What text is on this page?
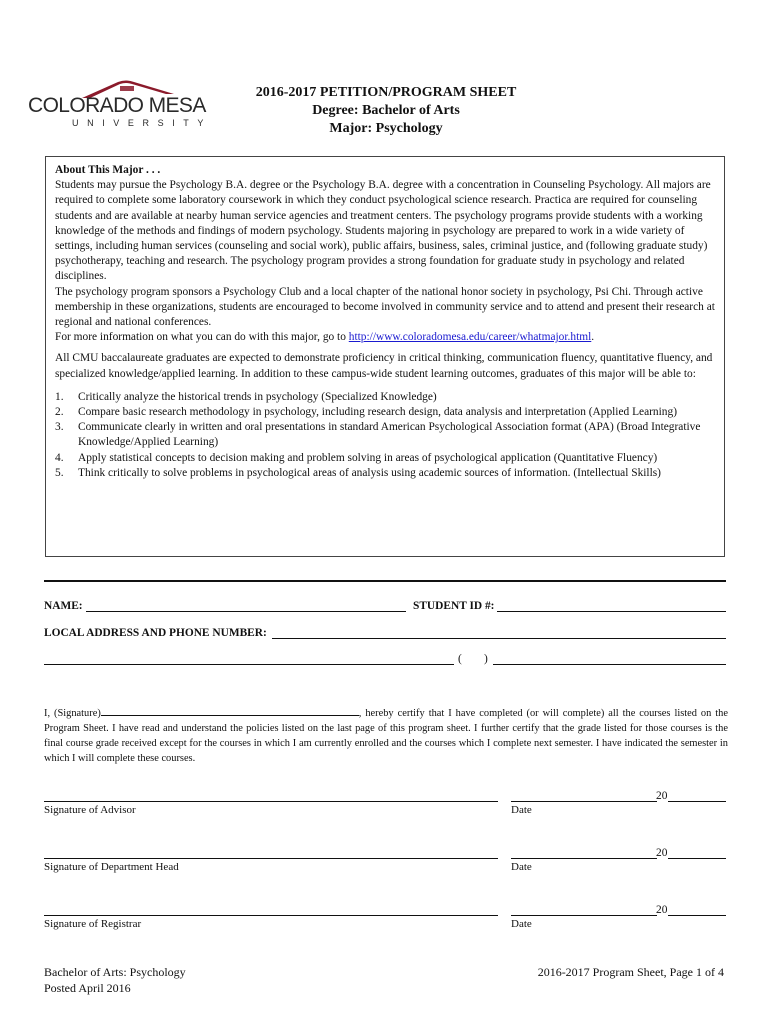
COLORADO MESA
UNIVERSITY
2016-2017 PETITION/PROGRAM SHEET
Degree: Bachelor of Arts
Major: Psychology

About This Major . . .

Students may pursue the Psychology B.A. degree or the Psychology B.A. degree with a concentration in Counseling Psychology. All majors are required to complete some laboratory coursework in which they conduct psychological science research. Practica are required for counseling students and are available at nearby human service agencies and treatment centers. The psychology programs provide students with a working knowledge of the methods and findings of modern psychology. Students majoring in psychology are prepared to work in a wide variety of settings, including human services (counseling and social work), public affairs, business, sales, criminal justice, and (following graduate study) psychotherapy, teaching and research. The psychology program provides a strong foundation for graduate study in psychology and related disciplines.

The psychology program sponsors a Psychology Club and a local chapter of the national honor society in psychology, Psi Chi. Through active membership in these organizations, students are encouraged to become involved in community service and to attend and present their research at regional and national conferences.

For more information on what you can do with this major, go to http://www.coloradomesa.edu/career/whatmajor.html.

All CMU baccalaureate graduates are expected to demonstrate proficiency in critical thinking, communication fluency, quantitative fluency, and specialized knowledge/applied learning. In addition to these campus-wide student learning outcomes, graduates of this major will be able to:

1. Critically analyze the historical trends in psychology (Specialized Knowledge)
2. Compare basic research methodology in psychology, including research design, data analysis and interpretation (Applied Learning)
3. Communicate clearly in written and oral presentations in standard American Psychological Association format (APA) (Broad Integrative Knowledge/Applied Learning)
4. Apply statistical concepts to decision making and problem solving in areas of psychological application (Quantitative Fluency)
5. Think critically to solve problems in psychological areas of analysis using academic sources of information. (Intellectual Skills)
NAME:	STUDENT ID #:
LOCAL ADDRESS AND PHONE NUMBER:
( )

I, (Signature)	, hereby certify that I have completed (or will complete) all the courses listed on the Program Sheet. I have read and understand the policies listed on the last page of this program sheet. I further certify that the grade listed for those courses is the final course grade received except for the courses in which I am currently enrolled and the courses which I complete next semester. I have indicated the semester in which I will complete these courses.

Signature of Advisor
20
Date
Signature of Department Head
20
Date
Signature of Registrar
20
Date
Bachelor of Arts: Psychology
Posted April 2016
2016-2017 Program Sheet, Page 1 of 4
